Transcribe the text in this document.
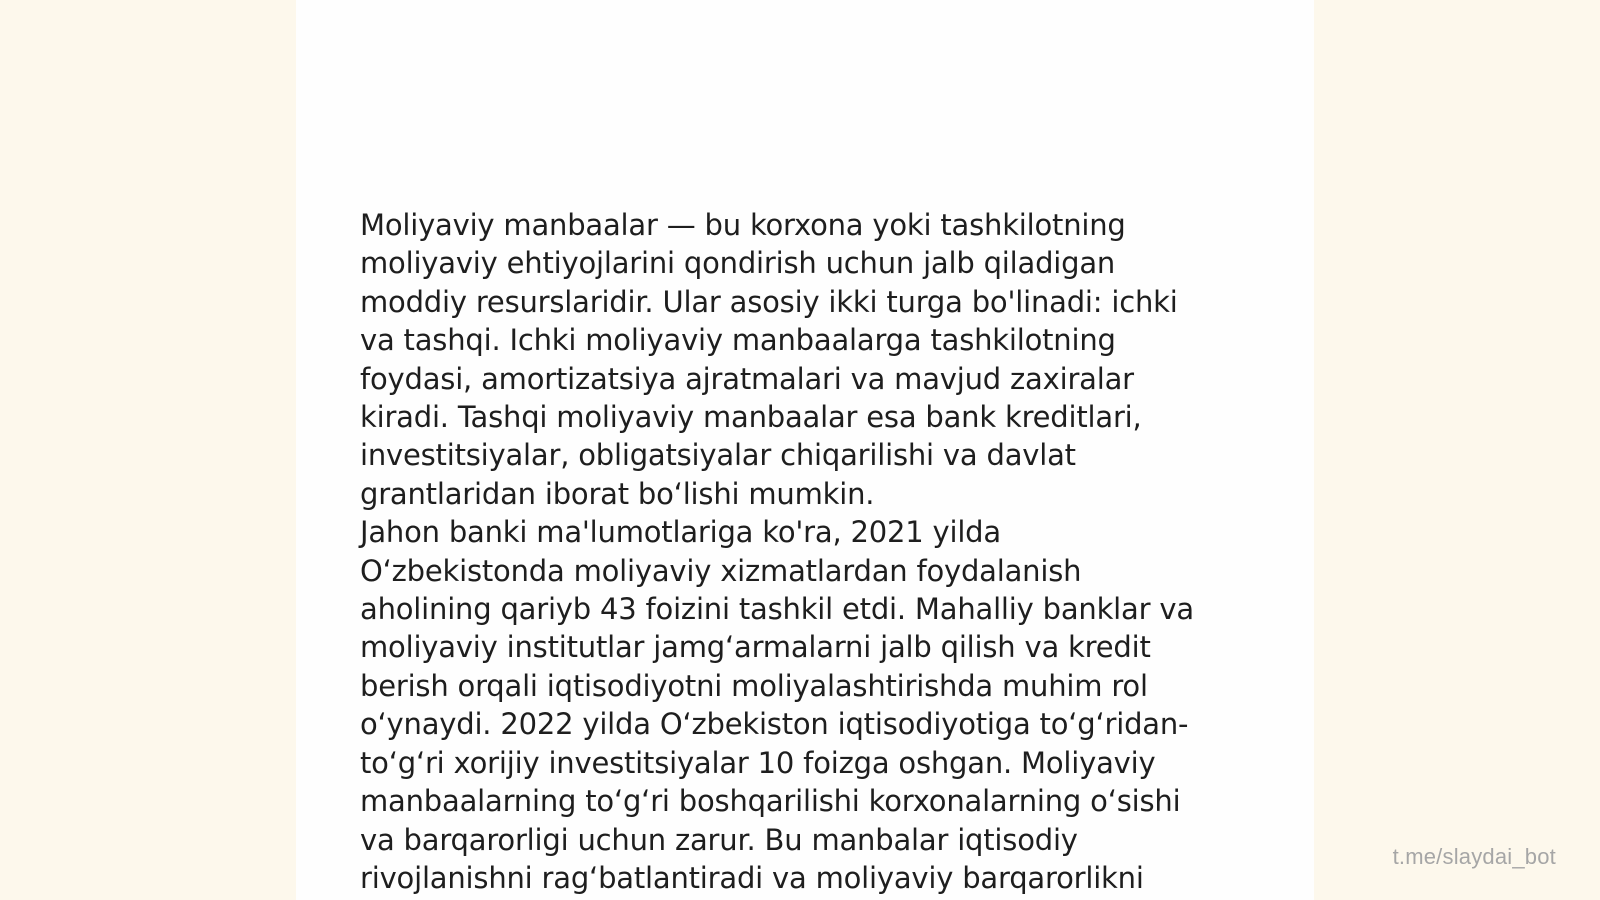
Moliyaviy manbaalar — bu korxona yoki tashkilotning
moliyaviy ehtiyojlarini qondirish uchun jalb qiladigan
moddiy resurslaridir. Ular asosiy ikki turga bo'linadi: ichki
va tashqi. Ichki moliyaviy manbaalarga tashkilotning
foydasi, amortizatsiya ajratmalari va mavjud zaxiralar
kiradi. Tashqi moliyaviy manbaalar esa bank kreditlari,
investitsiyalar, obligatsiyalar chiqarilishi va davlat
grantlaridan iborat boʻlishi mumkin.
Jahon banki ma'lumotlariga ko'ra, 2021 yilda
Oʻzbekistonda moliyaviy xizmatlardan foydalanish
aholining qariyb 43 foizini tashkil etdi. Mahalliy banklar va
moliyaviy institutlar jamgʻarmalarni jalb qilish va kredit
berish orqali iqtisodiyotni moliyalashtirishda muhim rol
oʻynaydi. 2022 yilda Oʻzbekiston iqtisodiyotiga toʻgʻridan-
toʻgʻri xorijiy investitsiyalar 10 foizga oshgan. Moliyaviy
manbaalarning toʻgʻri boshqarilishi korxonalarning oʻsishi
va barqarorligi uchun zarur. Bu manbalar iqtisodiy
rivojlanishni ragʻbatlantiradi va moliyaviy barqarorlikni

t.me/slaydai_bot
